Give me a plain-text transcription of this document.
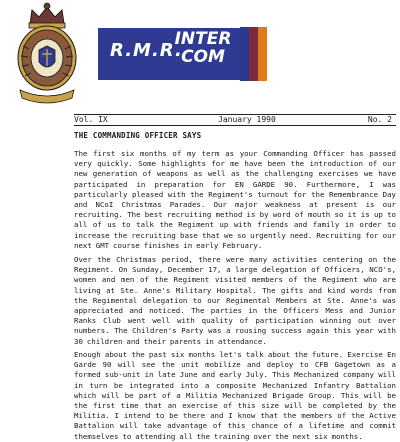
R.M.R.
INTER
COM
Vol. IX	January 1990	No. 2
THE COMMANDING OFFICER SAYS

The first six months of my term as your Commanding Officer has passed very quickly. Some highlights for me have been the introduction of our new generation of weapons as well as the challenging exercises we have participated in preparation for EN GARDE 90. Furthermore, I was particularly pleased with the Regiment's turnout for the Remembrance Day and NCoI Christmas Parades. Our major weakness at present is our recruiting. The best recruiting method is by word of mouth so it is up to all of us to talk the Regiment up with friends and family in order to increase the recruiting base that we so urgently need. Recruiting for our next GMT course finishes in early February.

Over the Christmas period, there were many activities centering on the Regiment. On Sunday, December 17, a large delegation of Officers, NCO's, women and men of the Regiment visited members of the Regiment who are living at Ste. Anne's Military Hospital. The gifts and kind words from the Regimental delegation to our Regimental Members at Ste. Anne's was appreciated and noticed. The parties in the Officers Mess and Junior Ranks Club went well with quality of participation winning out over numbers. The Children's Party was a rousing success again this year with 30 children and their parents in attendance.

Enough about the past six months let's talk about the future. Exercise En Garde 90 will see the unit mobilize and deploy to CFB Gagetown as a formed sub-unit in late June and early July. This Mechanized company will in turn be integrated into a composite Mechanized Infantry Battalion which will be part of a Militia Mechanized Brigade Group. This will be the first time that an exercise of this size will be completed by the Militia. I intend to be there and I know that the members of the Active Battalion will take advantage of this chance of a lifetime and commit themselves to attending all the training over the next six months.
